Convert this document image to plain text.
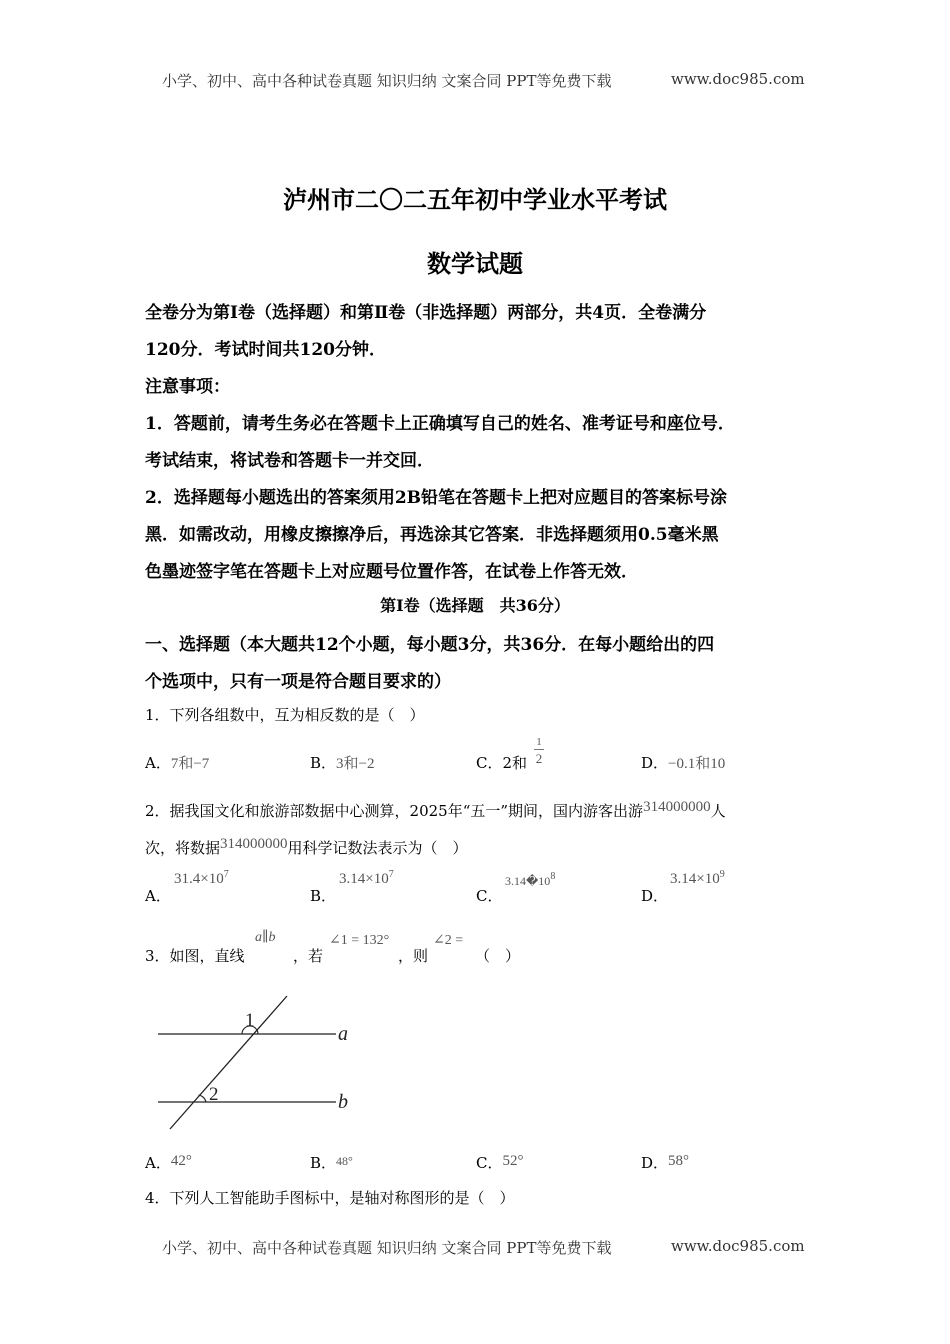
小学、初中、高中各种试卷真题 知识归纳 文案合同 PPT等免费下载	www.doc985.com
泸州市二〇二五年初中学业水平考试
数学试题
全卷分为第Ⅰ卷（选择题）和第Ⅱ卷（非选择题）两部分，共4页．全卷满分
120分．考试时间共120分钟．
注意事项：
1．答题前，请考生务必在答题卡上正确填写自己的姓名、准考证号和座位号．
考试结束，将试卷和答题卡一并交回．
2．选择题每小题选出的答案须用2B铅笔在答题卡上把对应题目的答案标号涂
黑．如需改动，用橡皮擦擦净后，再选涂其它答案．非选择题须用0.5毫米黑
色墨迹签字笔在答题卡上对应题号位置作答，在试卷上作答无效．
第Ⅰ卷（选择题　共36分）
一、选择题（本大题共12个小题，每小题3分，共36分．在每小题给出的四
个选项中，只有一项是符合题目要求的）
1．下列各组数中，互为相反数的是（　）
A．7和−7	B．3和−2	C．2和
1
2	D．−0.1和10
2．据我国文化和旅游部数据中心测算，2025年“五一”期间，国内游客出游314000000人
次，将数据314000000用科学记数法表示为（　）
A．
$31.4\times 10^7$
B．
$3.14\times 10^7$
C．
$3.14�10^8$
D．
$3.14\times 10^9$
3．如图，直线
a∥b
，若
∠1 = 132°
，则
∠2 =
（　）
1
2
a
b
A．42°	B．$^{48^\circ}$	C．52°	D．58°
4．下列人工智能助手图标中，是轴对称图形的是（　）
小学、初中、高中各种试卷真题 知识归纳 文案合同 PPT等免费下载	www.doc985.com
